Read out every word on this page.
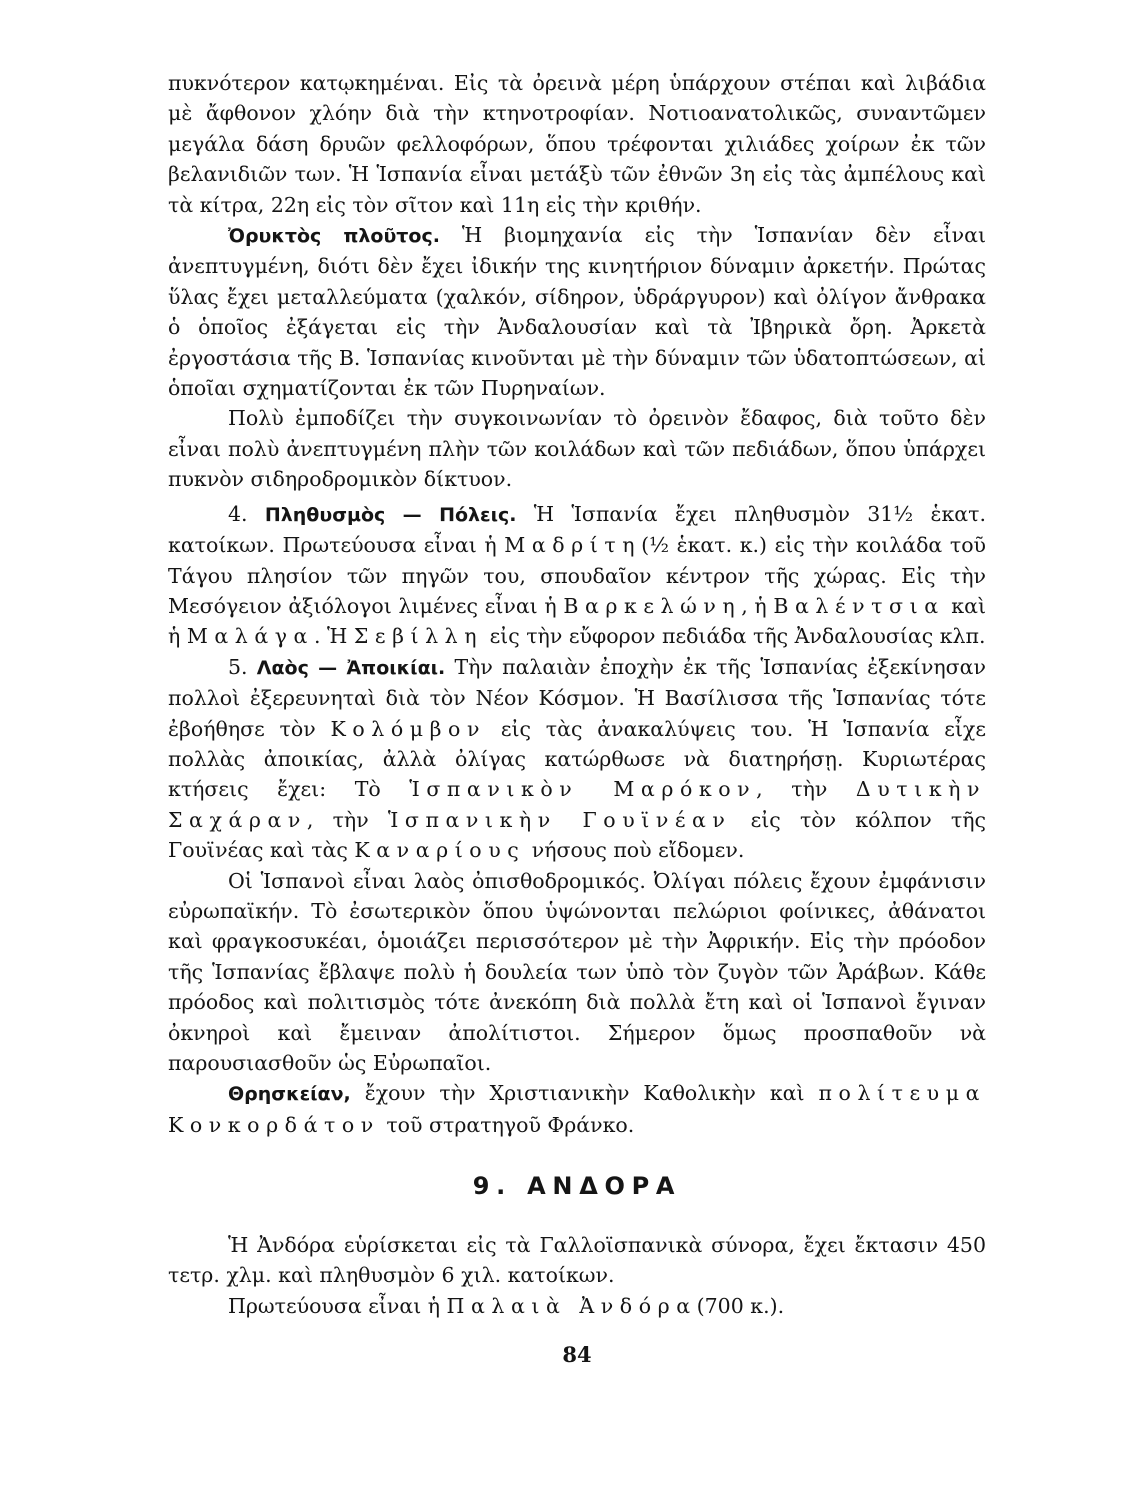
πυκνότερον κατῳκημέναι. Εἰς τὰ ὀρεινὰ μέρη ὑπάρχουν στέπαι καὶ λιβάδια μὲ ἄφθονον χλόην διὰ τὴν κτηνοτροφίαν. Νοτιοανατολικῶς, συναντῶμεν μεγάλα δάση δρυῶν φελλοφόρων, ὅπου τρέφονται χιλιάδες χοίρων ἐκ τῶν βελανιδιῶν των. Ἡ Ἱσπανία εἶναι μετάξὺ τῶν ἐθνῶν 3η εἰς τὰς ἀμπέλους καὶ τὰ κίτρα, 22η εἰς τὸν σῖτον καὶ 11η εἰς τὴν κριθήν.

Ὀρυκτὸς πλοῦτος. Ἡ βιομηχανία εἰς τὴν Ἱσπανίαν δὲν εἶναι ἀνεπτυγμένη, διότι δὲν ἔχει ἰδικήν της κινητήριον δύναμιν ἀρκετήν. Πρώτας ὕλας ἔχει μεταλλεύματα (χαλκόν, σίδηρον, ὑδράργυρον) καὶ ὀλίγον ἄνθρακα ὁ ὁποῖος ἐξάγεται εἰς τὴν Ἀνδαλουσίαν καὶ τὰ Ἰβηρικὰ ὄρη. Ἀρκετὰ ἐργοστάσια τῆς Β. Ἱσπανίας κινοῦνται μὲ τὴν δύναμιν τῶν ὑδατοπτώσεων, αἱ ὁποῖαι σχηματίζονται ἐκ τῶν Πυρηναίων.

Πολὺ ἐμποδίζει τὴν συγκοινωνίαν τὸ ὀρεινὸν ἔδαφος, διὰ τοῦτο δὲν εἶναι πολὺ ἀνεπτυγμένη πλὴν τῶν κοιλάδων καὶ τῶν πεδιάδων, ὅπου ὑπάρχει πυκνὸν σιδηροδρομικὸν δίκτυον.

4. Πληθυσμὸς — Πόλεις. Ἡ Ἱσπανία ἔχει πληθυσμὸν 31½ ἑκατ. κατοίκων. Πρωτεύουσα εἶναι ἡ Μαδρίτη(½ ἑκατ. κ.) εἰς τὴν κοιλάδα τοῦ Τάγου πλησίον τῶν πηγῶν του, σπουδαῖον κέντρον τῆς χώρας. Εἰς τὴν Μεσόγειον ἀξιόλογοι λιμένες εἶναι ἡ Βαρκελώνη, ἡ Βαλέντσια καὶ ἡ Μαλάγα. Ἡ Σεβίλλη εἰς τὴν εὔφορον πεδιάδα τῆς Ἀνδαλουσίας κλπ.

5. Λαὸς — Ἀποικίαι. Τὴν παλαιὰν ἐποχὴν ἐκ τῆς Ἱσπανίας ἐξεκίνησαν πολλοὶ ἐξερευνηταὶ διὰ τὸν Νέον Κόσμον. Ἡ Βασίλισσα τῆς Ἱσπανίας τότε ἐβοήθησε τὸν Κολόμβον εἰς τὰς ἀνακαλύψεις του. Ἡ Ἱσπανία εἶχε πολλὰς ἀποικίας, ἀλλὰ ὀλίγας κατώρθωσε νὰ διατηρήσῃ. Κυριωτέρας κτήσεις ἔχει: Τὸ Ἱσπανικὸν Μαρόκον, τὴν Δυτικὴν Σαχάραν, τὴν Ἱσπανικὴν Γουϊνέαν εἰς τὸν κόλπον τῆς Γουϊνέας καὶ τὰς Καναρίους νήσους ποὺ εἴδομεν.

Οἱ Ἱσπανοὶ εἶναι λαὸς ὀπισθοδρομικός. Ὀλίγαι πόλεις ἔχουν ἐμφάνισιν εὐρωπαϊκήν. Τὸ ἐσωτερικὸν ὅπου ὑψώνονται πελώριοι φοίνικες, ἀθάνατοι καὶ φραγκοσυκέαι, ὁμοιάζει περισσότερον μὲ τὴν Ἀφρικήν. Εἰς τὴν πρόοδον τῆς Ἱσπανίας ἔβλαψε πολὺ ἡ δουλεία των ὑπὸ τὸν ζυγὸν τῶν Ἀράβων. Κάθε πρόοδος καὶ πολιτισμὸς τότε ἀνεκόπη διὰ πολλὰ ἔτη καὶ οἱ Ἱσπανοὶ ἔγιναν ὀκνηροὶ καὶ ἔμειναν ἀπολίτιστοι. Σήμερον ὅμως προσπαθοῦν νὰ παρουσιασθοῦν ὡς Εὐρωπαῖοι.

Θρησκείαν, ἔχουν τὴν Χριστιανικὴν Καθολικὴν καὶ πολίτευμα Κονκορδάτον τοῦ στρατηγοῦ Φράνκο.

9. ΑΝΔΟΡΑ

Ἡ Ἀνδόρα εὑρίσκεται εἰς τὰ Γαλλοϊσπανικὰ σύνορα, ἔχει ἔκτασιν 450 τετρ. χλμ. καὶ πληθυσμὸν 6 χιλ. κατοίκων.

Πρωτεύουσα εἶναι ἡ Παλαιὰ Ἀνδόρα(700 κ.).

84
